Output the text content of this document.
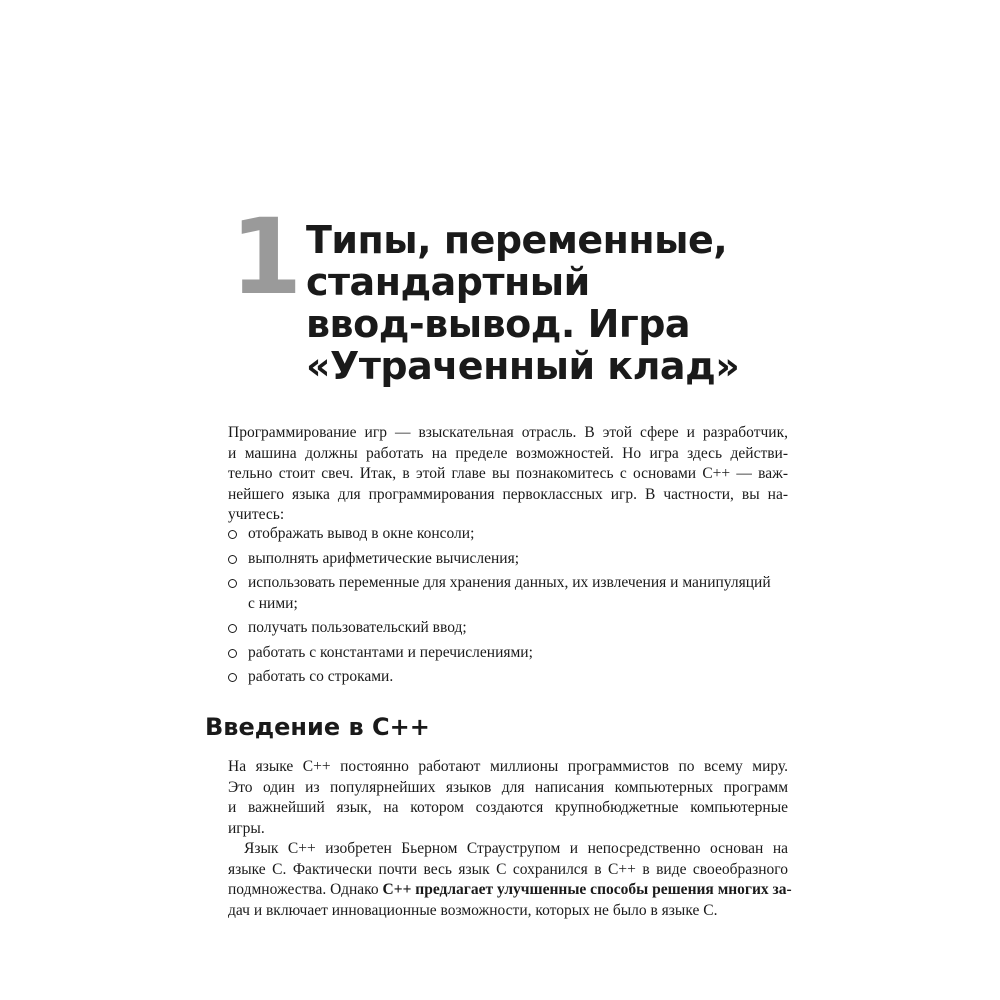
1 Типы, переменные,
стандартный
ввод-вывод. Игра
«Утраченный клад»
Программирование игр — взыскательная отрасль. В этой сфере и разработчик,
и машина должны работать на пределе возможностей. Но игра здесь действи-
тельно стоит свеч. Итак, в этой главе вы познакомитесь с основами C++ — важ-
нейшего языка для программирования первоклассных игр. В частности, вы на-
учитесь:
отображать вывод в окне консоли;
выполнять арифметические вычисления;
использовать переменные для хранения данных, их извлечения и манипуляций
с ними;
получать пользовательский ввод;
работать с константами и перечислениями;
работать со строками.
Введение в C++
На языке C++ постоянно работают миллионы программистов по всему миру.
Это один из популярнейших языков для написания компьютерных программ
и важнейший язык, на котором создаются крупнобюджетные компьютерные
игры.
Язык C++ изобретен Бьерном Страуструпом и непосредственно основан на
языке С. Фактически почти весь язык С сохранился в C++ в виде своеобразного
подмножества. Однако C++ предлагает улучшенные способы решения многих за-
дач и включает инновационные возможности, которых не было в языке С.
